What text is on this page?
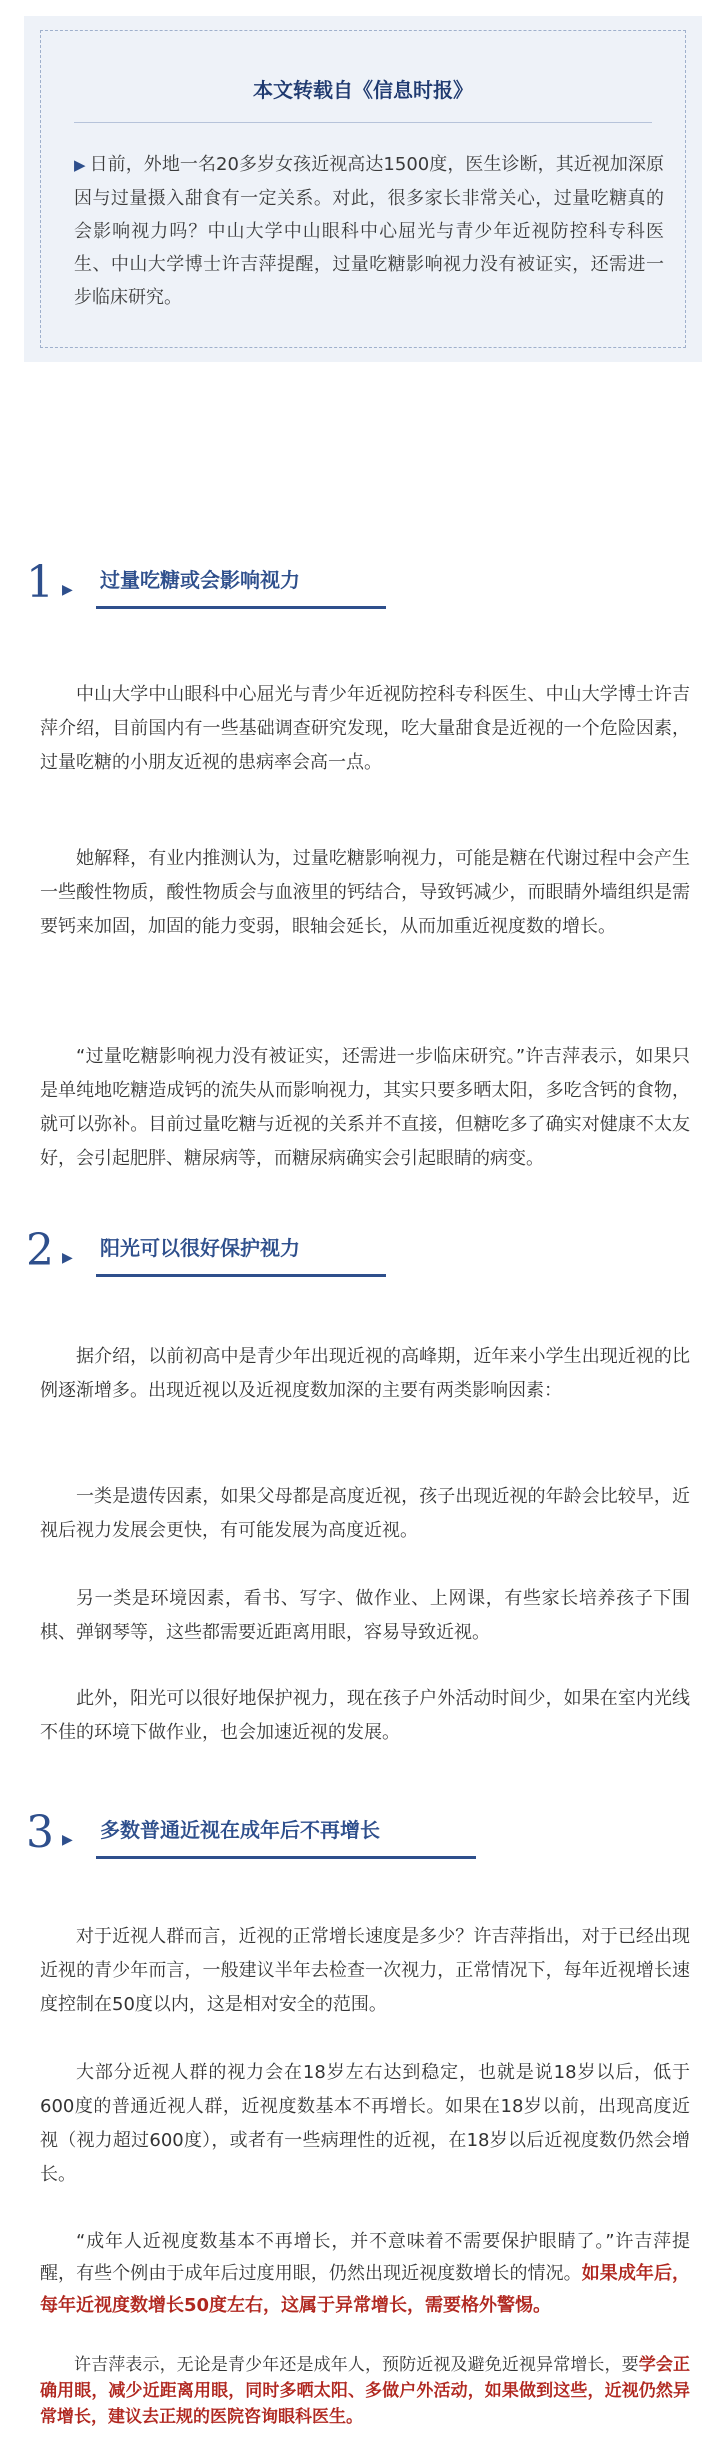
本文转载自《信息时报》
▶ 日前，外地一名20多岁女孩近视高达1500度，医生诊断，其近视加深原因与过量摄入甜食有一定关系。对此，很多家长非常关心，过量吃糖真的会影响视力吗？中山大学中山眼科中心屈光与青少年近视防控科专科医生、中山大学博士许吉萍提醒，过量吃糖影响视力没有被证实，还需进一步临床研究。
1 ▶ 过量吃糖或会影响视力
中山大学中山眼科中心屈光与青少年近视防控科专科医生、中山大学博士许吉萍介绍，目前国内有一些基础调查研究发现，吃大量甜食是近视的一个危险因素，过量吃糖的小朋友近视的患病率会高一点。
她解释，有业内推测认为，过量吃糖影响视力，可能是糖在代谢过程中会产生一些酸性物质，酸性物质会与血液里的钙结合，导致钙减少，而眼睛外墙组织是需要钙来加固，加固的能力变弱，眼轴会延长，从而加重近视度数的增长。
“过量吃糖影响视力没有被证实，还需进一步临床研究。”许吉萍表示，如果只是单纯地吃糖造成钙的流失从而影响视力，其实只要多晒太阳，多吃含钙的食物，就可以弥补。目前过量吃糖与近视的关系并不直接，但糖吃多了确实对健康不太友好，会引起肥胖、糖尿病等，而糖尿病确实会引起眼睛的病变。
2 ▶ 阳光可以很好保护视力
据介绍，以前初高中是青少年出现近视的高峰期，近年来小学生出现近视的比例逐渐增多。出现近视以及近视度数加深的主要有两类影响因素：
一类是遗传因素，如果父母都是高度近视，孩子出现近视的年龄会比较早，近视后视力发展会更快，有可能发展为高度近视。
另一类是环境因素，看书、写字、做作业、上网课，有些家长培养孩子下围棋、弹钢琴等，这些都需要近距离用眼，容易导致近视。
此外，阳光可以很好地保护视力，现在孩子户外活动时间少，如果在室内光线不佳的环境下做作业，也会加速近视的发展。
3 ▶ 多数普通近视在成年后不再增长
对于近视人群而言，近视的正常增长速度是多少？许吉萍指出，对于已经出现近视的青少年而言，一般建议半年去检查一次视力，正常情况下，每年近视增长速度控制在50度以内，这是相对安全的范围。
大部分近视人群的视力会在18岁左右达到稳定，也就是说18岁以后，低于600度的普通近视人群，近视度数基本不再增长。如果在18岁以前，出现高度近视（视力超过600度），或者有一些病理性的近视，在18岁以后近视度数仍然会增长。
“成年人近视度数基本不再增长，并不意味着不需要保护眼睛了。”许吉萍提醒，有些个例由于成年后过度用眼，仍然出现近视度数增长的情况。如果成年后，每年近视度数增长50度左右，这属于异常增长，需要格外警惕。
许吉萍表示，无论是青少年还是成年人，预防近视及避免近视异常增长，要学会正确用眼，减少近距离用眼，同时多晒太阳、多做户外活动，如果做到这些，近视仍然异常增长，建议去正规的医院咨询眼科医生。
